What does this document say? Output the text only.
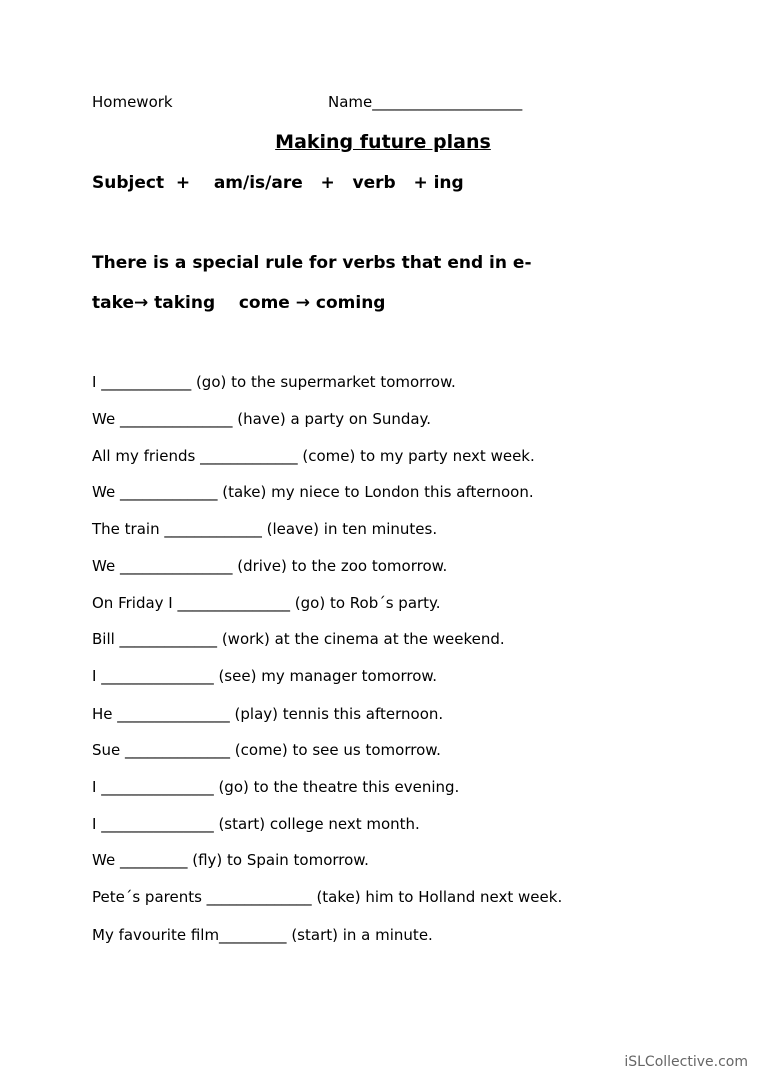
Homework	Name____________________
Making future plans
Subject  +    am/is/are   +   verb   + ing
There is a special rule for verbs that end in e-
take→ taking    come → coming
I ____________ (go) to the supermarket tomorrow.
We _______________ (have) a party on Sunday.
All my friends _____________ (come) to my party next week.
We _____________ (take) my niece to London this afternoon.
The train _____________ (leave) in ten minutes.
We _______________ (drive) to the zoo tomorrow.
On Friday I _______________ (go) to Rob´s party.
Bill _____________ (work) at the cinema at the weekend.
I _______________ (see) my manager tomorrow.
He _______________ (play) tennis this afternoon.
Sue ______________ (come) to see us tomorrow.
I _______________ (go) to the theatre this evening.
I _______________ (start) college next month.
We _________ (fly) to Spain tomorrow.
Pete´s parents ______________ (take) him to Holland next week.
My favourite film_________ (start) in a minute.
iSLCollective.com
